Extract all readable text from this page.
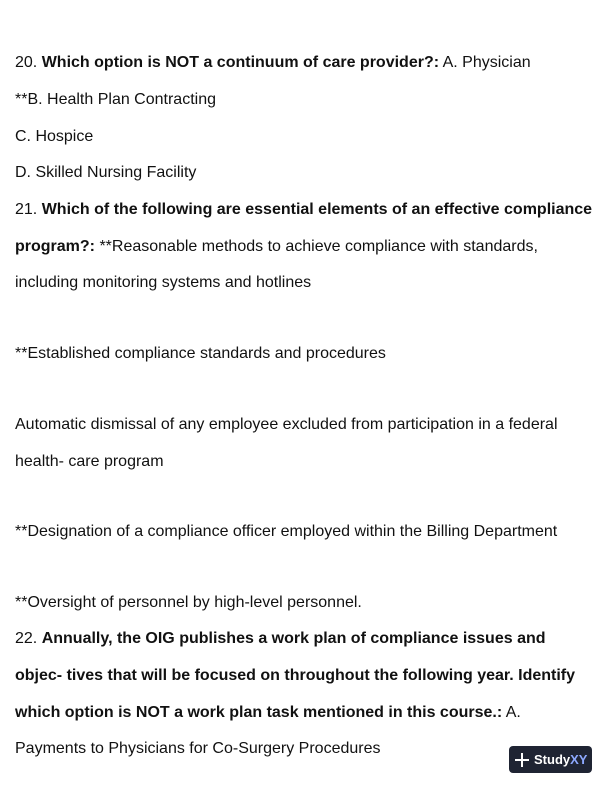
20. Which option is NOT a continuum of care provider?: A. Physician
**B. Health Plan Contracting
C. Hospice
D. Skilled Nursing Facility
21. Which of the following are essential elements of an effective compliance
program?: **Reasonable methods to achieve compliance with standards,
including monitoring systems and hotlines
**Established compliance standards and procedures
Automatic dismissal of any employee excluded from participation in a federal
health- care program
**Designation of a compliance officer employed within the Billing Department
**Oversight of personnel by high-level personnel.
22. Annually, the OIG publishes a work plan of compliance issues and
objec- tives that will be focused on throughout the following year. Identify
which option is NOT a work plan task mentioned in this course.: A.
Payments to Physicians for Co-Surgery Procedures
StudyXY
